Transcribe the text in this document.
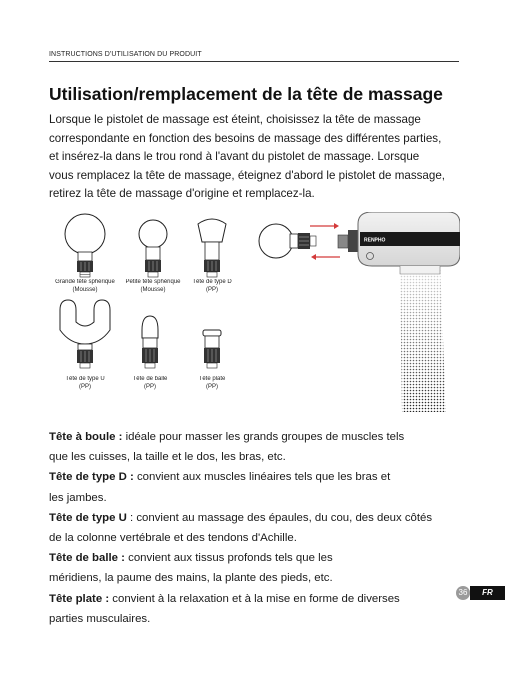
INSTRUCTIONS D'UTILISATION DU PRODUIT
Utilisation/remplacement de la tête de massage
Lorsque le pistolet de massage est éteint, choisissez la tête de massage
correspondante en fonction des besoins de massage des différentes parties,
et insérez-la dans le trou rond à l'avant du pistolet de massage. Lorsque
vous remplacez la tête de massage, éteignez d'abord le pistolet de massage,
retirez la tête de massage d'origine et remplacez-la.
Grande tête sphérique
(Mousse)
Petite tête sphérique
(Mousse)
Tête de type D
(PP)
Tête de type U
(PP)
Tête de balle
(PP)
Tête plate
(PP)
RENPHO
Tête à boule : idéale pour masser les grands groupes de muscles tels
que les cuisses, la taille et le dos, les bras, etc.
Tête de type D : convient aux muscles linéaires tels que les bras et
les jambes.
Tête de type U : convient au massage des épaules, du cou, des deux côtés
de la colonne vertébrale et des tendons d'Achille.
Tête de balle : convient aux tissus profonds tels que les
méridiens, la paume des mains, la plante des pieds, etc.
Tête plate : convient à la relaxation et à la mise en forme de diverses
parties musculaires.
36	FR
